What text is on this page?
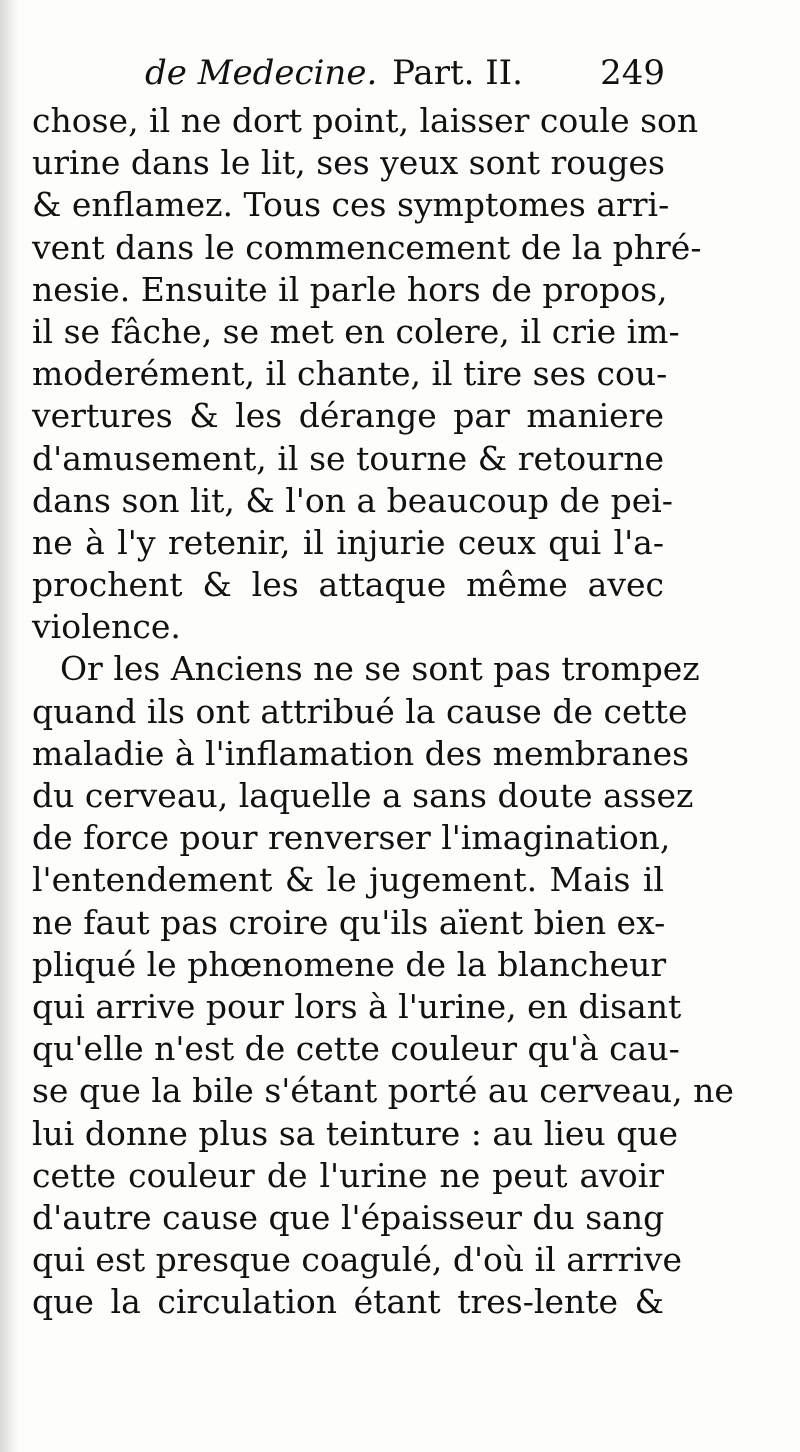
de Medecine. Part. II. 249
chose, il ne dort point, laisser coule son
urine dans le lit, ses yeux sont rouges
& enflamez. Tous ces symptomes arri-
vent dans le commencement de la phré-
nesie. Ensuite il parle hors de propos,
il se fâche, se met en colere, il crie im-
moderément, il chante, il tire ses cou-
vertures & les dérange par maniere
d'amusement, il se tourne & retourne
dans son lit, & l'on a beaucoup de pei-
ne à l'y retenir, il injurie ceux qui l'a-
prochent & les attaque même avec
violence.
Or les Anciens ne se sont pas trompez
quand ils ont attribué la cause de cette
maladie à l'inflamation des membranes
du cerveau, laquelle a sans doute assez
de force pour renverser l'imagination,
l'entendement & le jugement. Mais il
ne faut pas croire qu'ils aïent bien ex-
pliqué le phœnomene de la blancheur
qui arrive pour lors à l'urine, en disant
qu'elle n'est de cette couleur qu'à cau-
se que la bile s'étant porté au cerveau, ne
lui donne plus sa teinture : au lieu que
cette couleur de l'urine ne peut avoir
d'autre cause que l'épaisseur du sang
qui est presque coagulé, d'où il arrrive
que la circulation étant tres-lente &
